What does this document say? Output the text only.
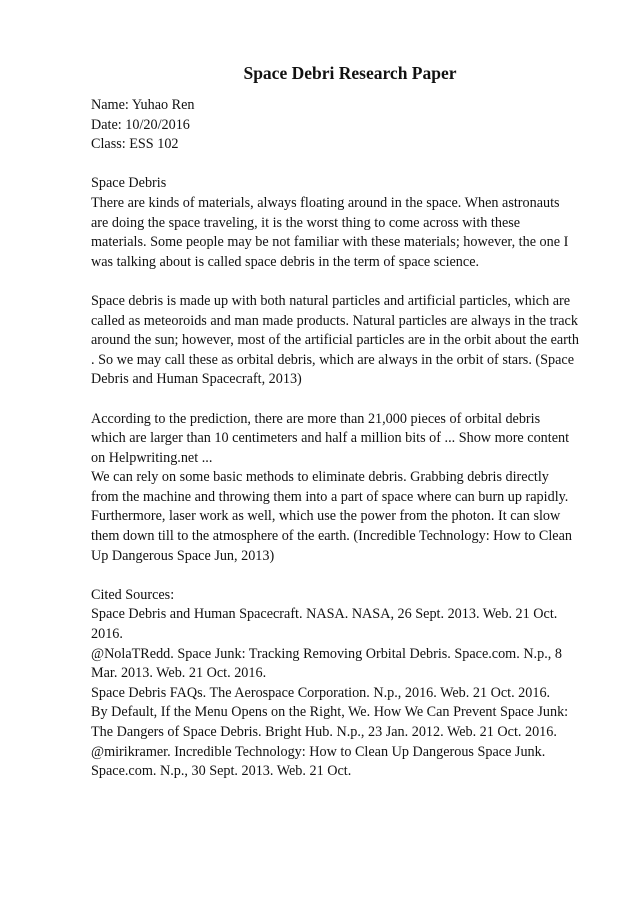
Space Debri Research Paper
Name: Yuhao Ren
Date: 10/20/2016
Class: ESS 102
Space Debris
There are kinds of materials, always floating around in the space. When astronauts
are doing the space traveling, it is the worst thing to come across with these
materials. Some people may be not familiar with these materials; however, the one I
was talking about is called space debris in the term of space science.
Space debris is made up with both natural particles and artificial particles, which are
called as meteoroids and man made products. Natural particles are always in the track
around the sun; however, most of the artificial particles are in the orbit about the earth
. So we may call these as orbital debris, which are always in the orbit of stars. (Space
Debris and Human Spacecraft, 2013)
According to the prediction, there are more than 21,000 pieces of orbital debris
which are larger than 10 centimeters and half a million bits of ... Show more content
on Helpwriting.net ...
We can rely on some basic methods to eliminate debris. Grabbing debris directly
from the machine and throwing them into a part of space where can burn up rapidly.
Furthermore, laser work as well, which use the power from the photon. It can slow
them down till to the atmosphere of the earth. (Incredible Technology: How to Clean
Up Dangerous Space Jun, 2013)
Cited Sources:
Space Debris and Human Spacecraft. NASA. NASA, 26 Sept. 2013. Web. 21 Oct.
2016.
@NolaTRedd. Space Junk: Tracking Removing Orbital Debris. Space.com. N.p., 8
Mar. 2013. Web. 21 Oct. 2016.
Space Debris FAQs. The Aerospace Corporation. N.p., 2016. Web. 21 Oct. 2016.
By Default, If the Menu Opens on the Right, We. How We Can Prevent Space Junk:
The Dangers of Space Debris. Bright Hub. N.p., 23 Jan. 2012. Web. 21 Oct. 2016.
@mirikramer. Incredible Technology: How to Clean Up Dangerous Space Junk.
Space.com. N.p., 30 Sept. 2013. Web. 21 Oct.
